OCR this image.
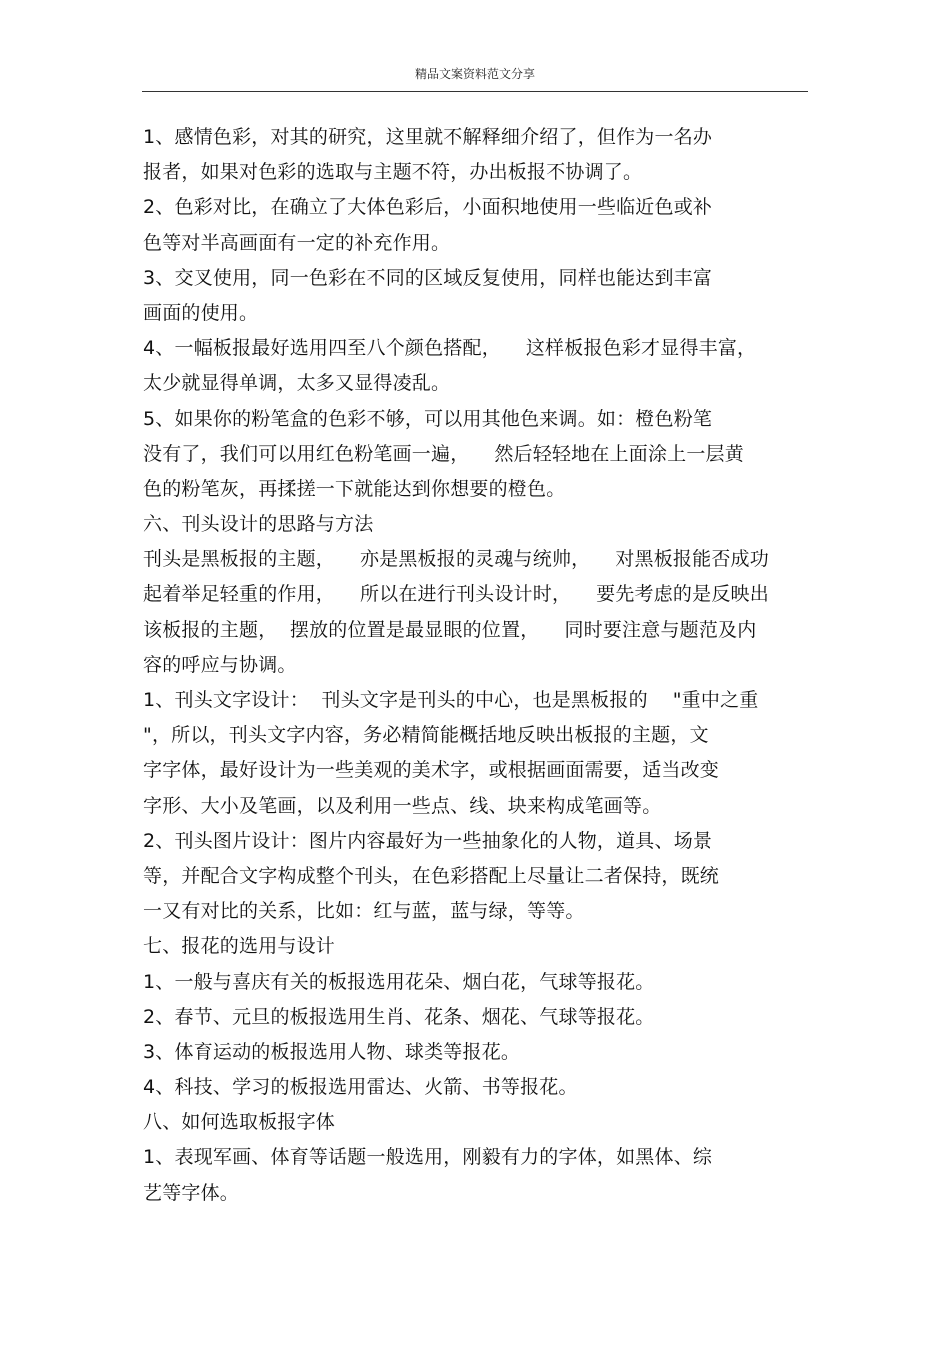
精品文案资料范文分享
1、感情色彩，对其的研究，这里就不解释细介绍了，但作为一名办
报者，如果对色彩的选取与主题不符，办出板报不协调了。
2、色彩对比，在确立了大体色彩后，小面积地使用一些临近色或补
色等对半高画面有一定的补充作用。
3、交叉使用，同一色彩在不同的区域反复使用，同样也能达到丰富
画面的使用。
4、一幅板报最好选用四至八个颜色搭配，    这样板报色彩才显得丰富，
太少就显得单调，太多又显得凌乱。
5、如果你的粉笔盒的色彩不够，可以用其他色来调。如：橙色粉笔
没有了，我们可以用红色粉笔画一遍，    然后轻轻地在上面涂上一层黄
色的粉笔灰，再揉搓一下就能达到你想要的橙色。
六、刊头设计的思路与方法
刊头是黑板报的主题，    亦是黑板报的灵魂与统帅，    对黑板报能否成功
起着举足轻重的作用，    所以在进行刊头设计时，    要先考虑的是反映出
该板报的主题，  摆放的位置是最显眼的位置，    同时要注意与题范及内
容的呼应与协调。
1、刊头文字设计：  刊头文字是刊头的中心，也是黑板报的    "重中之重
"，所以，刊头文字内容，务必精简能概括地反映出板报的主题，文
字字体，最好设计为一些美观的美术字，或根据画面需要，适当改变
字形、大小及笔画，以及利用一些点、线、块来构成笔画等。
2、刊头图片设计：图片内容最好为一些抽象化的人物，道具、场景
等，并配合文字构成整个刊头，在色彩搭配上尽量让二者保持，既统
一又有对比的关系，比如：红与蓝，蓝与绿，等等。
七、报花的选用与设计
1、一般与喜庆有关的板报选用花朵、烟白花，气球等报花。
2、春节、元旦的板报选用生肖、花条、烟花、气球等报花。
3、体育运动的板报选用人物、球类等报花。
4、科技、学习的板报选用雷达、火箭、书等报花。
八、如何选取板报字体
1、表现军画、体育等话题一般选用，刚毅有力的字体，如黑体、综
艺等字体。
